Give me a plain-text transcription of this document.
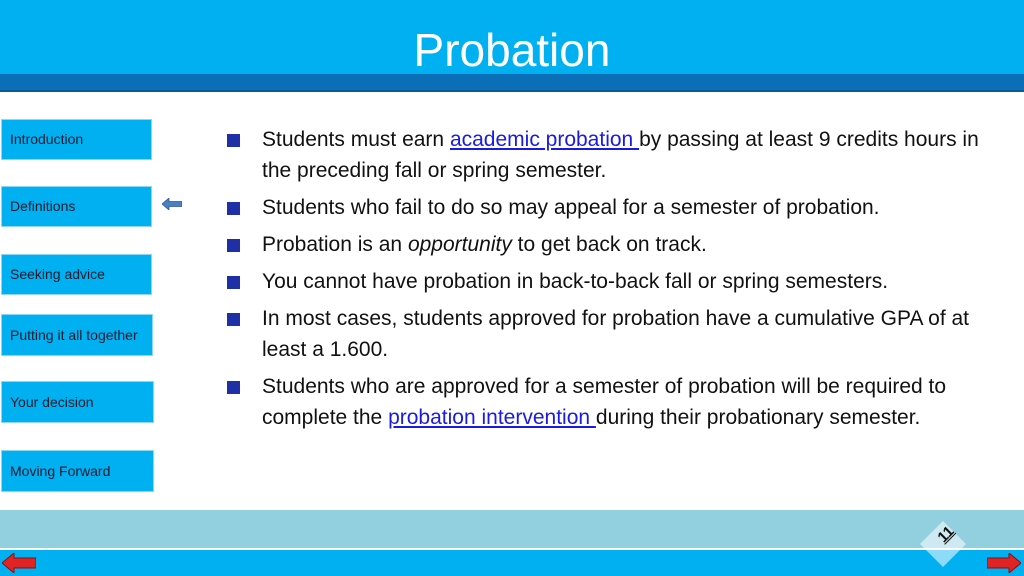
Probation
Introduction
Definitions
Seeking advice
Putting it all together
Your decision
Moving Forward
Students must earn academic probation by passing at least 9 credits hours in the preceding fall or spring semester.
Students who fail to do so may appeal for a semester of probation.
Probation is an opportunity to get back on track.
You cannot have probation in back-to-back fall or spring semesters.
In most cases, students approved for probation have a cumulative GPA of at least a 1.600.
Students who are approved for a semester of probation will be required to complete the probation intervention during their probationary semester.
11
